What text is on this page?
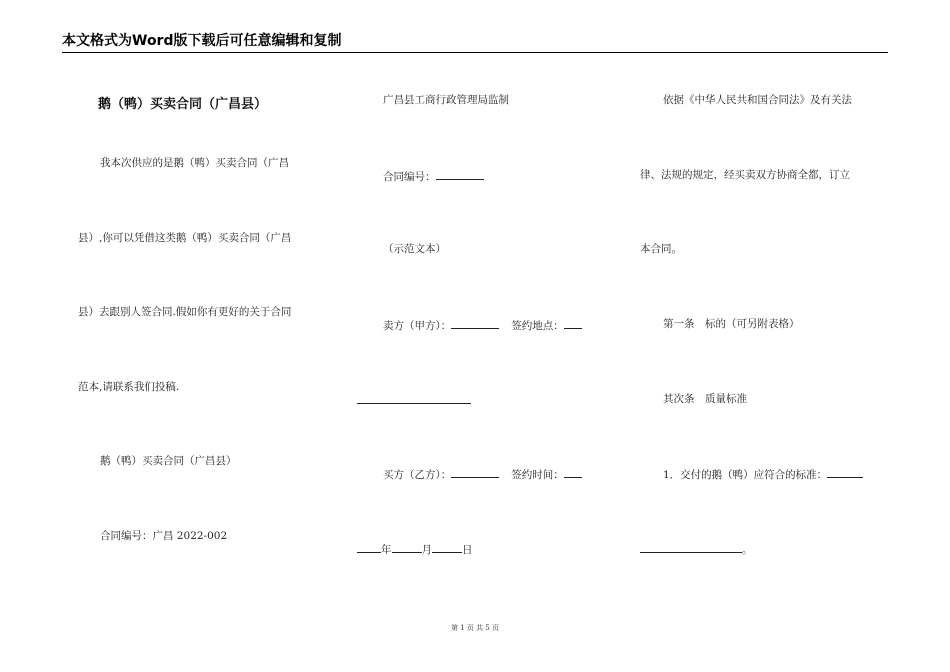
本文格式为Word版下载后可任意编辑和复制
鹅（鸭）买卖合同（广昌县）
我本次供应的是鹅（鸭）买卖合同（广昌
县）,你可以凭借这类鹅（鸭）买卖合同（广昌
县）去跟别人签合同.假如你有更好的关于合同
范本,请联系我们投稿.
鹅（鸭）买卖合同（广昌县）
合同编号：广昌 2022-002
广昌县工商行政管理局监制
合同编号：
（示范文本）
卖方（甲方）：	签约地点：
买方（乙方）：	签约时间：
年	月	日
依据《中华人民共和国合同法》及有关法
律、法规的规定，经买卖双方协商全都，订立
本合同。
第一条　标的（可另附表格）
其次条　质量标准
1．交付的鹅（鸭）应符合的标准：
。
第 1 页 共 5 页
